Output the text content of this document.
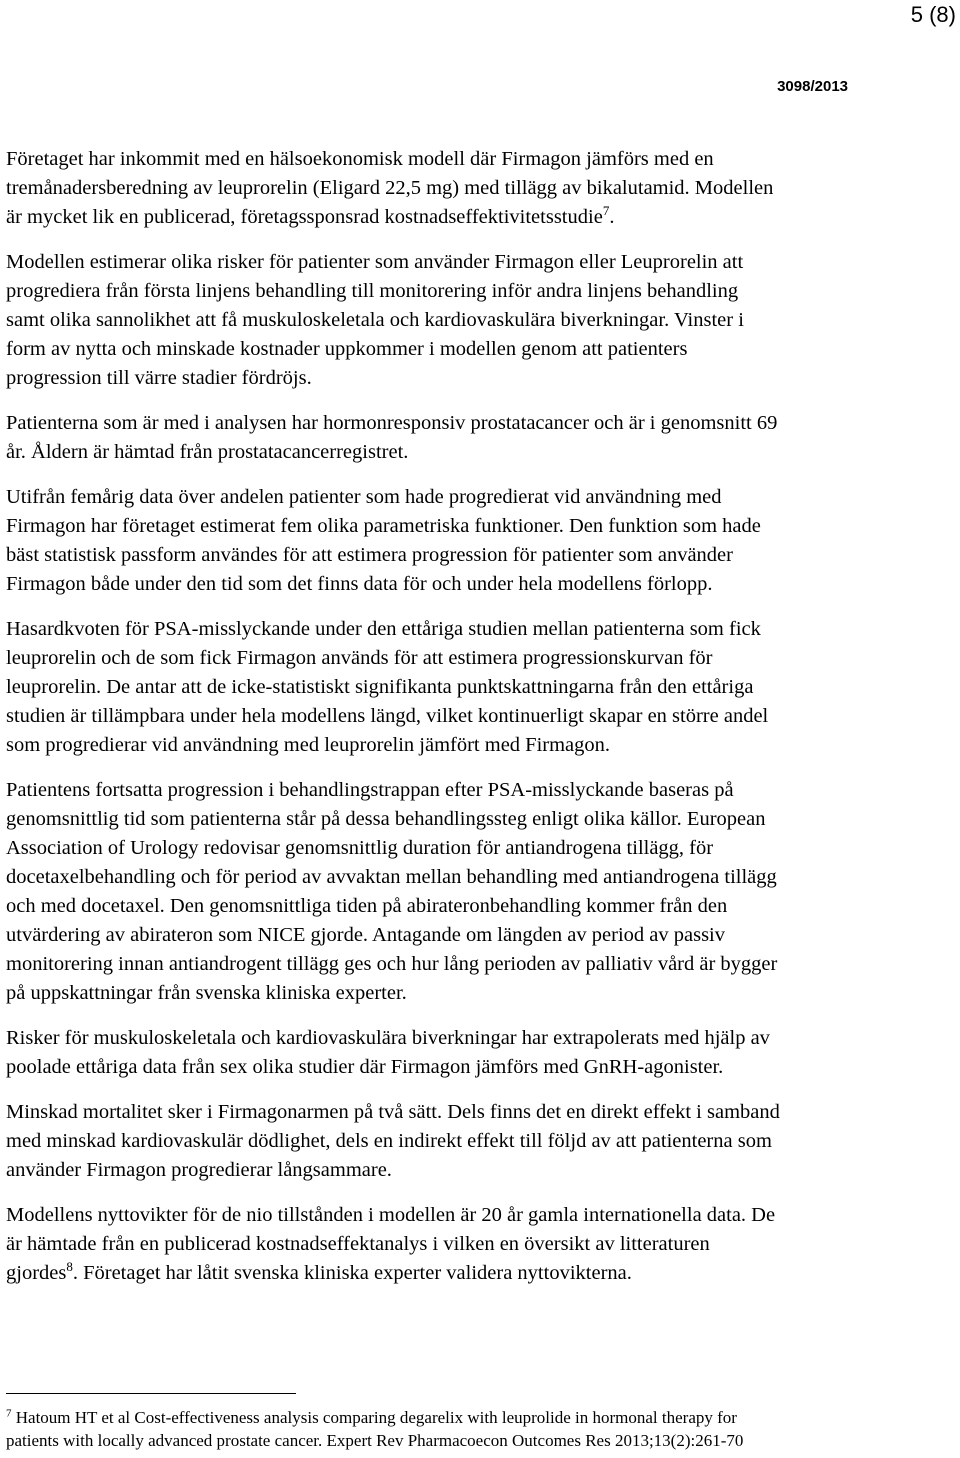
5 (8)
3098/2013

Företaget har inkommit med en hälsoekonomisk modell där Firmagon jämförs med en
tremånadersberedning av leuprorelin (Eligard 22,5 mg) med tillägg av bikalutamid. Modellen
är mycket lik en publicerad, företagssponsrad kostnadseffektivitetsstudie$^7$.

Modellen estimerar olika risker för patienter som använder Firmagon eller Leuprorelin att
progrediera från första linjens behandling till monitorering inför andra linjens behandling
samt olika sannolikhet att få muskuloskeletala och kardiovaskulära biverkningar. Vinster i
form av nytta och minskade kostnader uppkommer i modellen genom att patienters
progression till värre stadier fördröjs.

Patienterna som är med i analysen har hormonresponsiv prostatacancer och är i genomsnitt 69
år. Åldern är hämtad från prostatacancerregistret.

Utifrån femårig data över andelen patienter som hade progredierat vid användning med
Firmagon har företaget estimerat fem olika parametriska funktioner. Den funktion som hade
bäst statistisk passform användes för att estimera progression för patienter som använder
Firmagon både under den tid som det finns data för och under hela modellens förlopp.

Hasardkvoten för PSA-misslyckande under den ettåriga studien mellan patienterna som fick
leuprorelin och de som fick Firmagon används för att estimera progressionskurvan för
leuprorelin. De antar att de icke-statistiskt signifikanta punktskattningarna från den ettåriga
studien är tillämpbara under hela modellens längd, vilket kontinuerligt skapar en större andel
som progredierar vid användning med leuprorelin jämfört med Firmagon.

Patientens fortsatta progression i behandlingstrappan efter PSA-misslyckande baseras på
genomsnittlig tid som patienterna står på dessa behandlingssteg enligt olika källor. European
Association of Urology redovisar genomsnittlig duration för antiandrogena tillägg, för
docetaxelbehandling och för period av avvaktan mellan behandling med antiandrogena tillägg
och med docetaxel. Den genomsnittliga tiden på abirateronbehandling kommer från den
utvärdering av abirateron som NICE gjorde. Antagande om längden av period av passiv
monitorering innan antiandrogent tillägg ges och hur lång perioden av palliativ vård är bygger
på uppskattningar från svenska kliniska experter.

Risker för muskuloskeletala och kardiovaskulära biverkningar har extrapolerats med hjälp av
poolade ettåriga data från sex olika studier där Firmagon jämförs med GnRH-agonister.

Minskad mortalitet sker i Firmagonarmen på två sätt. Dels finns det en direkt effekt i samband
med minskad kardiovaskulär dödlighet, dels en indirekt effekt till följd av att patienterna som
använder Firmagon progredierar långsammare.

Modellens nyttovikter för de nio tillstånden i modellen är 20 år gamla internationella data. De
är hämtade från en publicerad kostnadseffektanalys i vilken en översikt av litteraturen
gjordes$^8$. Företaget har låtit svenska kliniska experter validera nyttovikterna.

$^7$ Hatoum HT et al Cost-effectiveness analysis comparing degarelix with leuprolide in hormonal therapy for
patients with locally advanced prostate cancer. Expert Rev Pharmacoecon Outcomes Res 2013;13(2):261-70
